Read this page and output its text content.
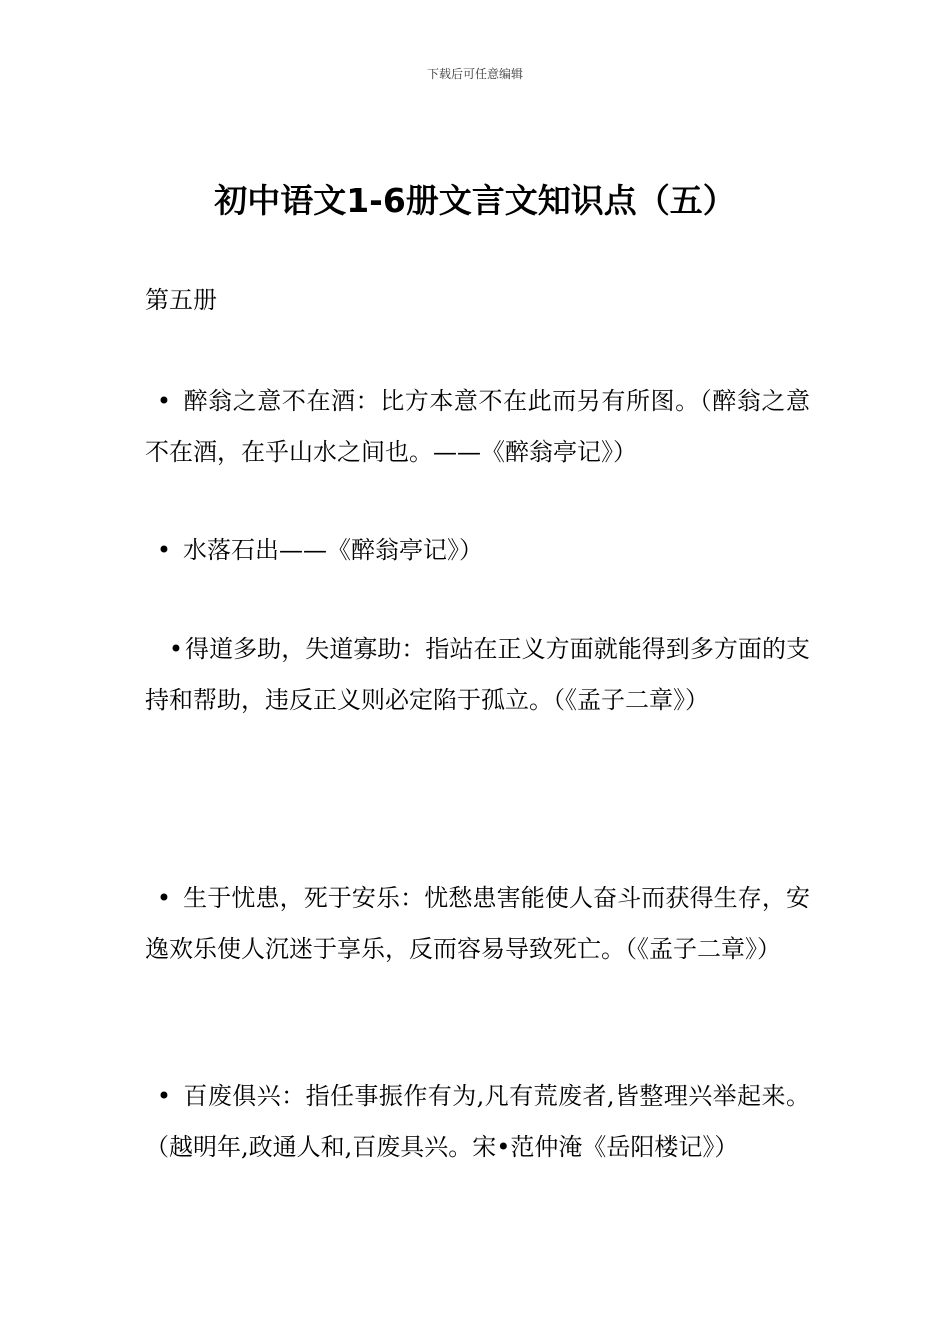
下载后可任意编辑
初中语文1-6册文言文知识点（五）
第五册

• 醉翁之意不在酒：比方本意不在此而另有所图。（醉翁之意不在酒，在乎山水之间也。——《醉翁亭记》）

• 水落石出——《醉翁亭记》）

•得道多助，失道寡助：指站在正义方面就能得到多方面的支持和帮助，违反正义则必定陷于孤立。（《孟子二章》）

• 生于忧患，死于安乐：忧愁患害能使人奋斗而获得生存，安逸欢乐使人沉迷于享乐，反而容易导致死亡。（《孟子二章》）

• 百废俱兴：指任事振作有为,凡有荒废者,皆整理兴举起来。（越明年,政通人和,百废具兴。宋•范仲淹《岳阳楼记》）
